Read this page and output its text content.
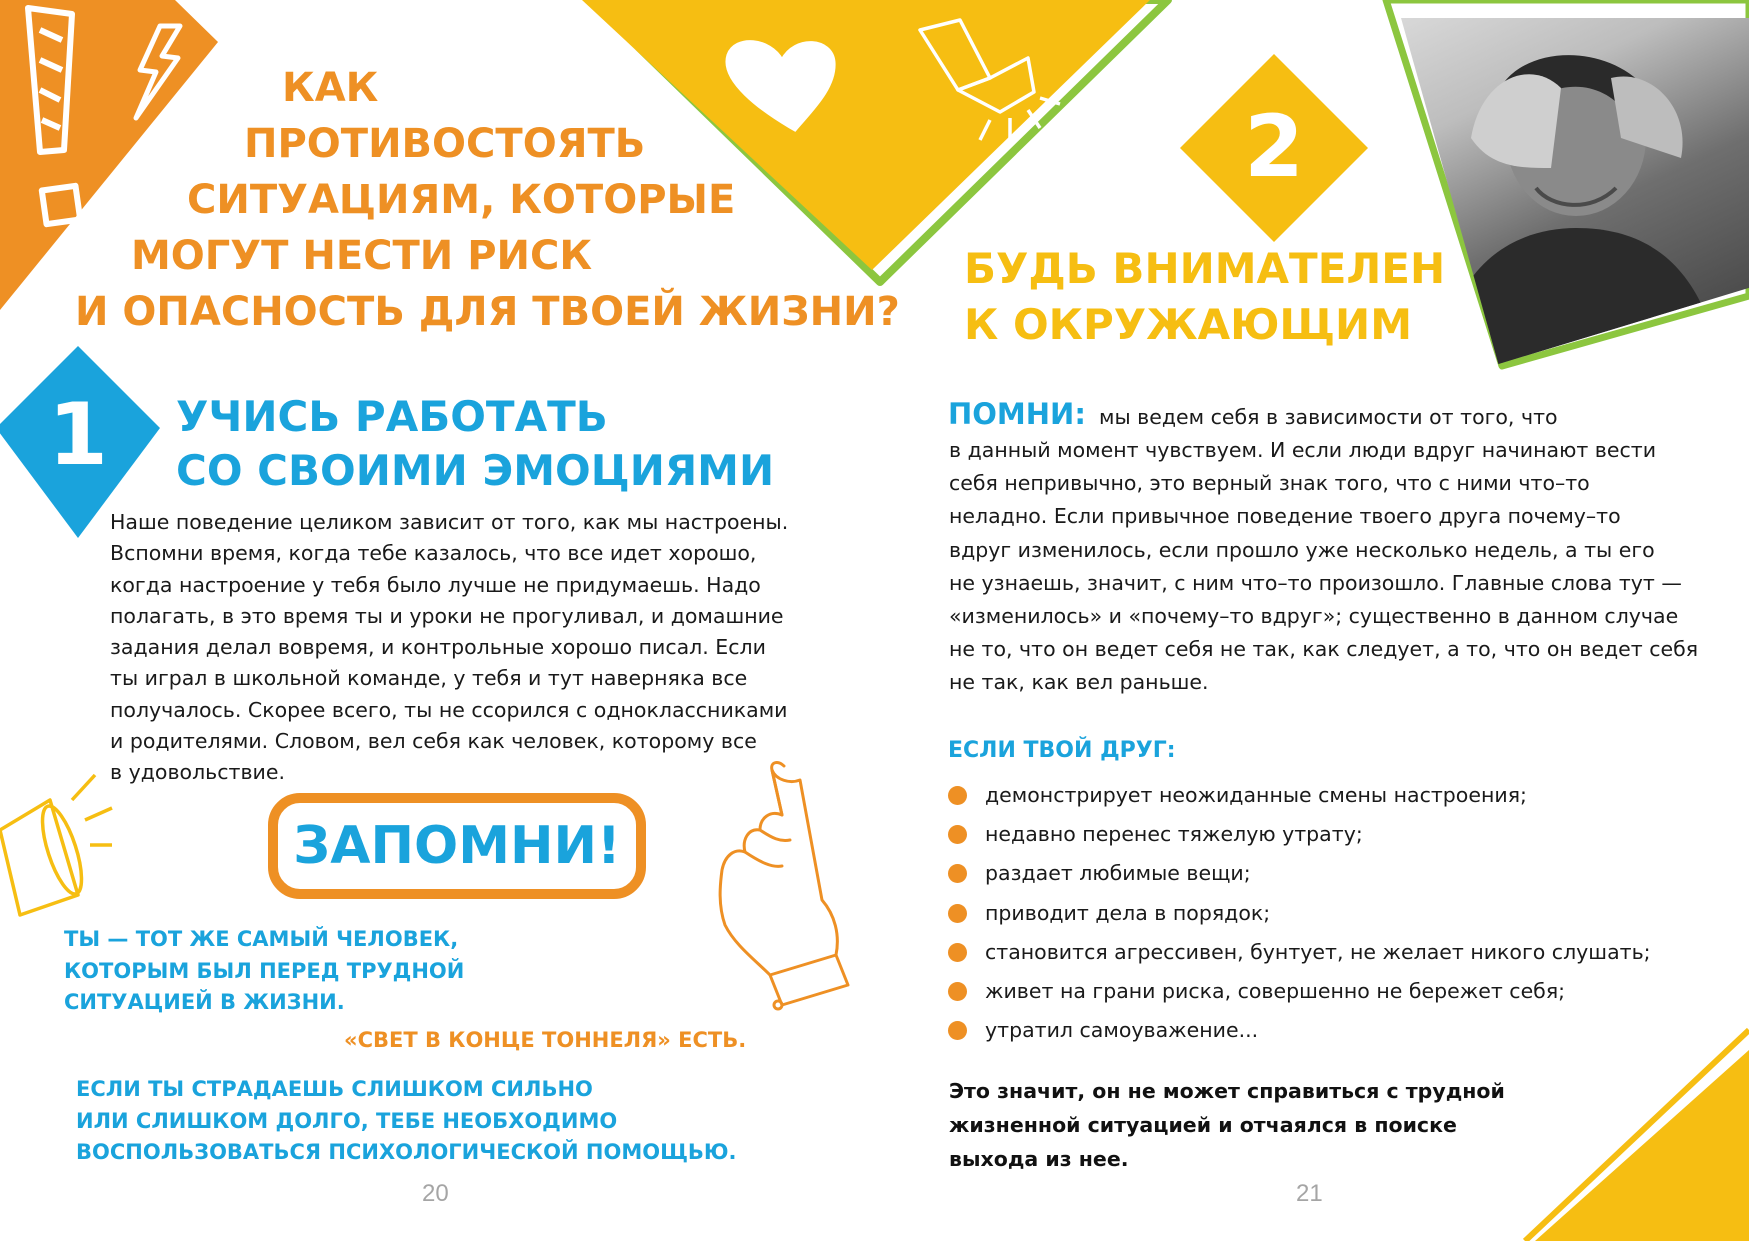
КАК
ПРОТИВОСТОЯТЬ
СИТУАЦИЯМ, КОТОРЫЕ
МОГУТ НЕСТИ РИСК
И ОПАСНОСТЬ ДЛЯ ТВОЕЙ ЖИЗНИ?
1 УЧИСЬ РАБОТАТЬ
СО СВОИМИ ЭМОЦИЯМИ
Наше поведение целиком зависит от того, как мы настроены.
Вспомни время, когда тебе казалось, что все идет хорошо,
когда настроение у тебя было лучше не придумаешь. Надо
полагать, в это время ты и уроки не прогуливал, и домашние
задания делал вовремя, и контрольные хорошо писал. Если
ты играл в школьной команде, у тебя и тут наверняка все
получалось. Скорее всего, ты не ссорился с одноклассниками
и родителями. Словом, вел себя как человек, которому все
в удовольствие.
ЗАПОМНИ!
ТЫ — ТОТ ЖЕ САМЫЙ ЧЕЛОВЕК,
КОТОРЫМ БЫЛ ПЕРЕД ТРУДНОЙ
СИТУАЦИЕЙ В ЖИЗНИ.
«СВЕТ В КОНЦЕ ТОННЕЛЯ» ЕСТЬ.
ЕСЛИ ТЫ СТРАДАЕШЬ СЛИШКОМ СИЛЬНО
ИЛИ СЛИШКОМ ДОЛГО, ТЕБЕ НЕОБХОДИМО
ВОСПОЛЬЗОВАТЬСЯ ПСИХОЛОГИЧЕСКОЙ ПОМОЩЬЮ.
20
2
БУДЬ ВНИМАТЕЛЕН
К ОКРУЖАЮЩИМ
ПОМНИ: мы ведем себя в зависимости от того, что
в данный момент чувствуем. И если люди вдруг начинают вести
себя непривычно, это верный знак того, что с ними что–то
неладно. Если привычное поведение твоего друга почему–то
вдруг изменилось, если прошло уже несколько недель, а ты его
не узнаешь, значит, с ним что–то произошло. Главные слова тут —
«изменилось» и «почему–то вдруг»; существенно в данном случае
не то, что он ведет себя не так, как следует, а то, что он ведет себя
не так, как вел раньше.
ЕСЛИ ТВОЙ ДРУГ:
демонстрирует неожиданные смены настроения;
недавно перенес тяжелую утрату;
раздает любимые вещи;
приводит дела в порядок;
становится агрессивен, бунтует, не желает никого слушать;
живет на грани риска, совершенно не бережет себя;
утратил самоуважение...
Это значит, он не может справиться с трудной
жизненной ситуацией и отчаялся в поиске
выхода из нее.
21
